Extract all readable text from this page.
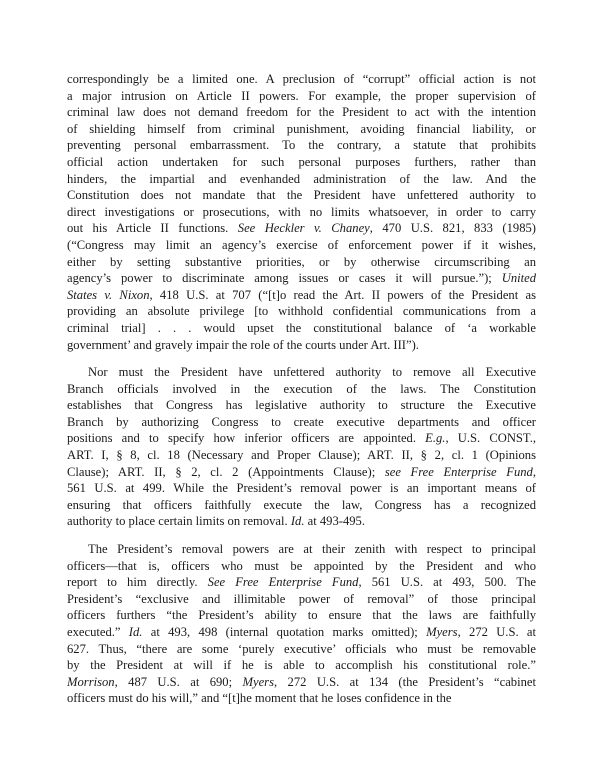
correspondingly be a limited one. A preclusion of “corrupt” official action is not
a major intrusion on Article II powers. For example, the proper supervision of
criminal law does not demand freedom for the President to act with the intention
of shielding himself from criminal punishment, avoiding financial liability, or
preventing personal embarrassment. To the contrary, a statute that prohibits
official action undertaken for such personal purposes furthers, rather than
hinders, the impartial and evenhanded administration of the law. And the
Constitution does not mandate that the President have unfettered authority to
direct investigations or prosecutions, with no limits whatsoever, in order to carry
out his Article II functions. See Heckler v. Chaney, 470 U.S. 821, 833 (1985)
(“Congress may limit an agency’s exercise of enforcement power if it wishes,
either by setting substantive priorities, or by otherwise circumscribing an
agency’s power to discriminate among issues or cases it will pursue.”); United
States v. Nixon, 418 U.S. at 707 (“[t]o read the Art. II powers of the President as
providing an absolute privilege [to withhold confidential communications from a
criminal trial] . . . would upset the constitutional balance of ‘a workable
government’ and gravely impair the role of the courts under Art. III”).
Nor must the President have unfettered authority to remove all Executive
Branch officials involved in the execution of the laws. The Constitution
establishes that Congress has legislative authority to structure the Executive
Branch by authorizing Congress to create executive departments and officer
positions and to specify how inferior officers are appointed. E.g., U.S. CONST.,
ART. I, § 8, cl. 18 (Necessary and Proper Clause); ART. II, § 2, cl. 1 (Opinions
Clause); ART. II, § 2, cl. 2 (Appointments Clause); see Free Enterprise Fund,
561 U.S. at 499. While the President’s removal power is an important means of
ensuring that officers faithfully execute the law, Congress has a recognized
authority to place certain limits on removal. Id. at 493-495.
The President’s removal powers are at their zenith with respect to principal
officers—that is, officers who must be appointed by the President and who
report to him directly. See Free Enterprise Fund, 561 U.S. at 493, 500. The
President’s “exclusive and illimitable power of removal” of those principal
officers furthers “the President’s ability to ensure that the laws are faithfully
executed.” Id. at 493, 498 (internal quotation marks omitted); Myers, 272 U.S. at
627. Thus, “there are some ‘purely executive’ officials who must be removable
by the President at will if he is able to accomplish his constitutional role.”
Morrison, 487 U.S. at 690; Myers, 272 U.S. at 134 (the President’s “cabinet
officers must do his will,” and “[t]he moment that he loses confidence in the
